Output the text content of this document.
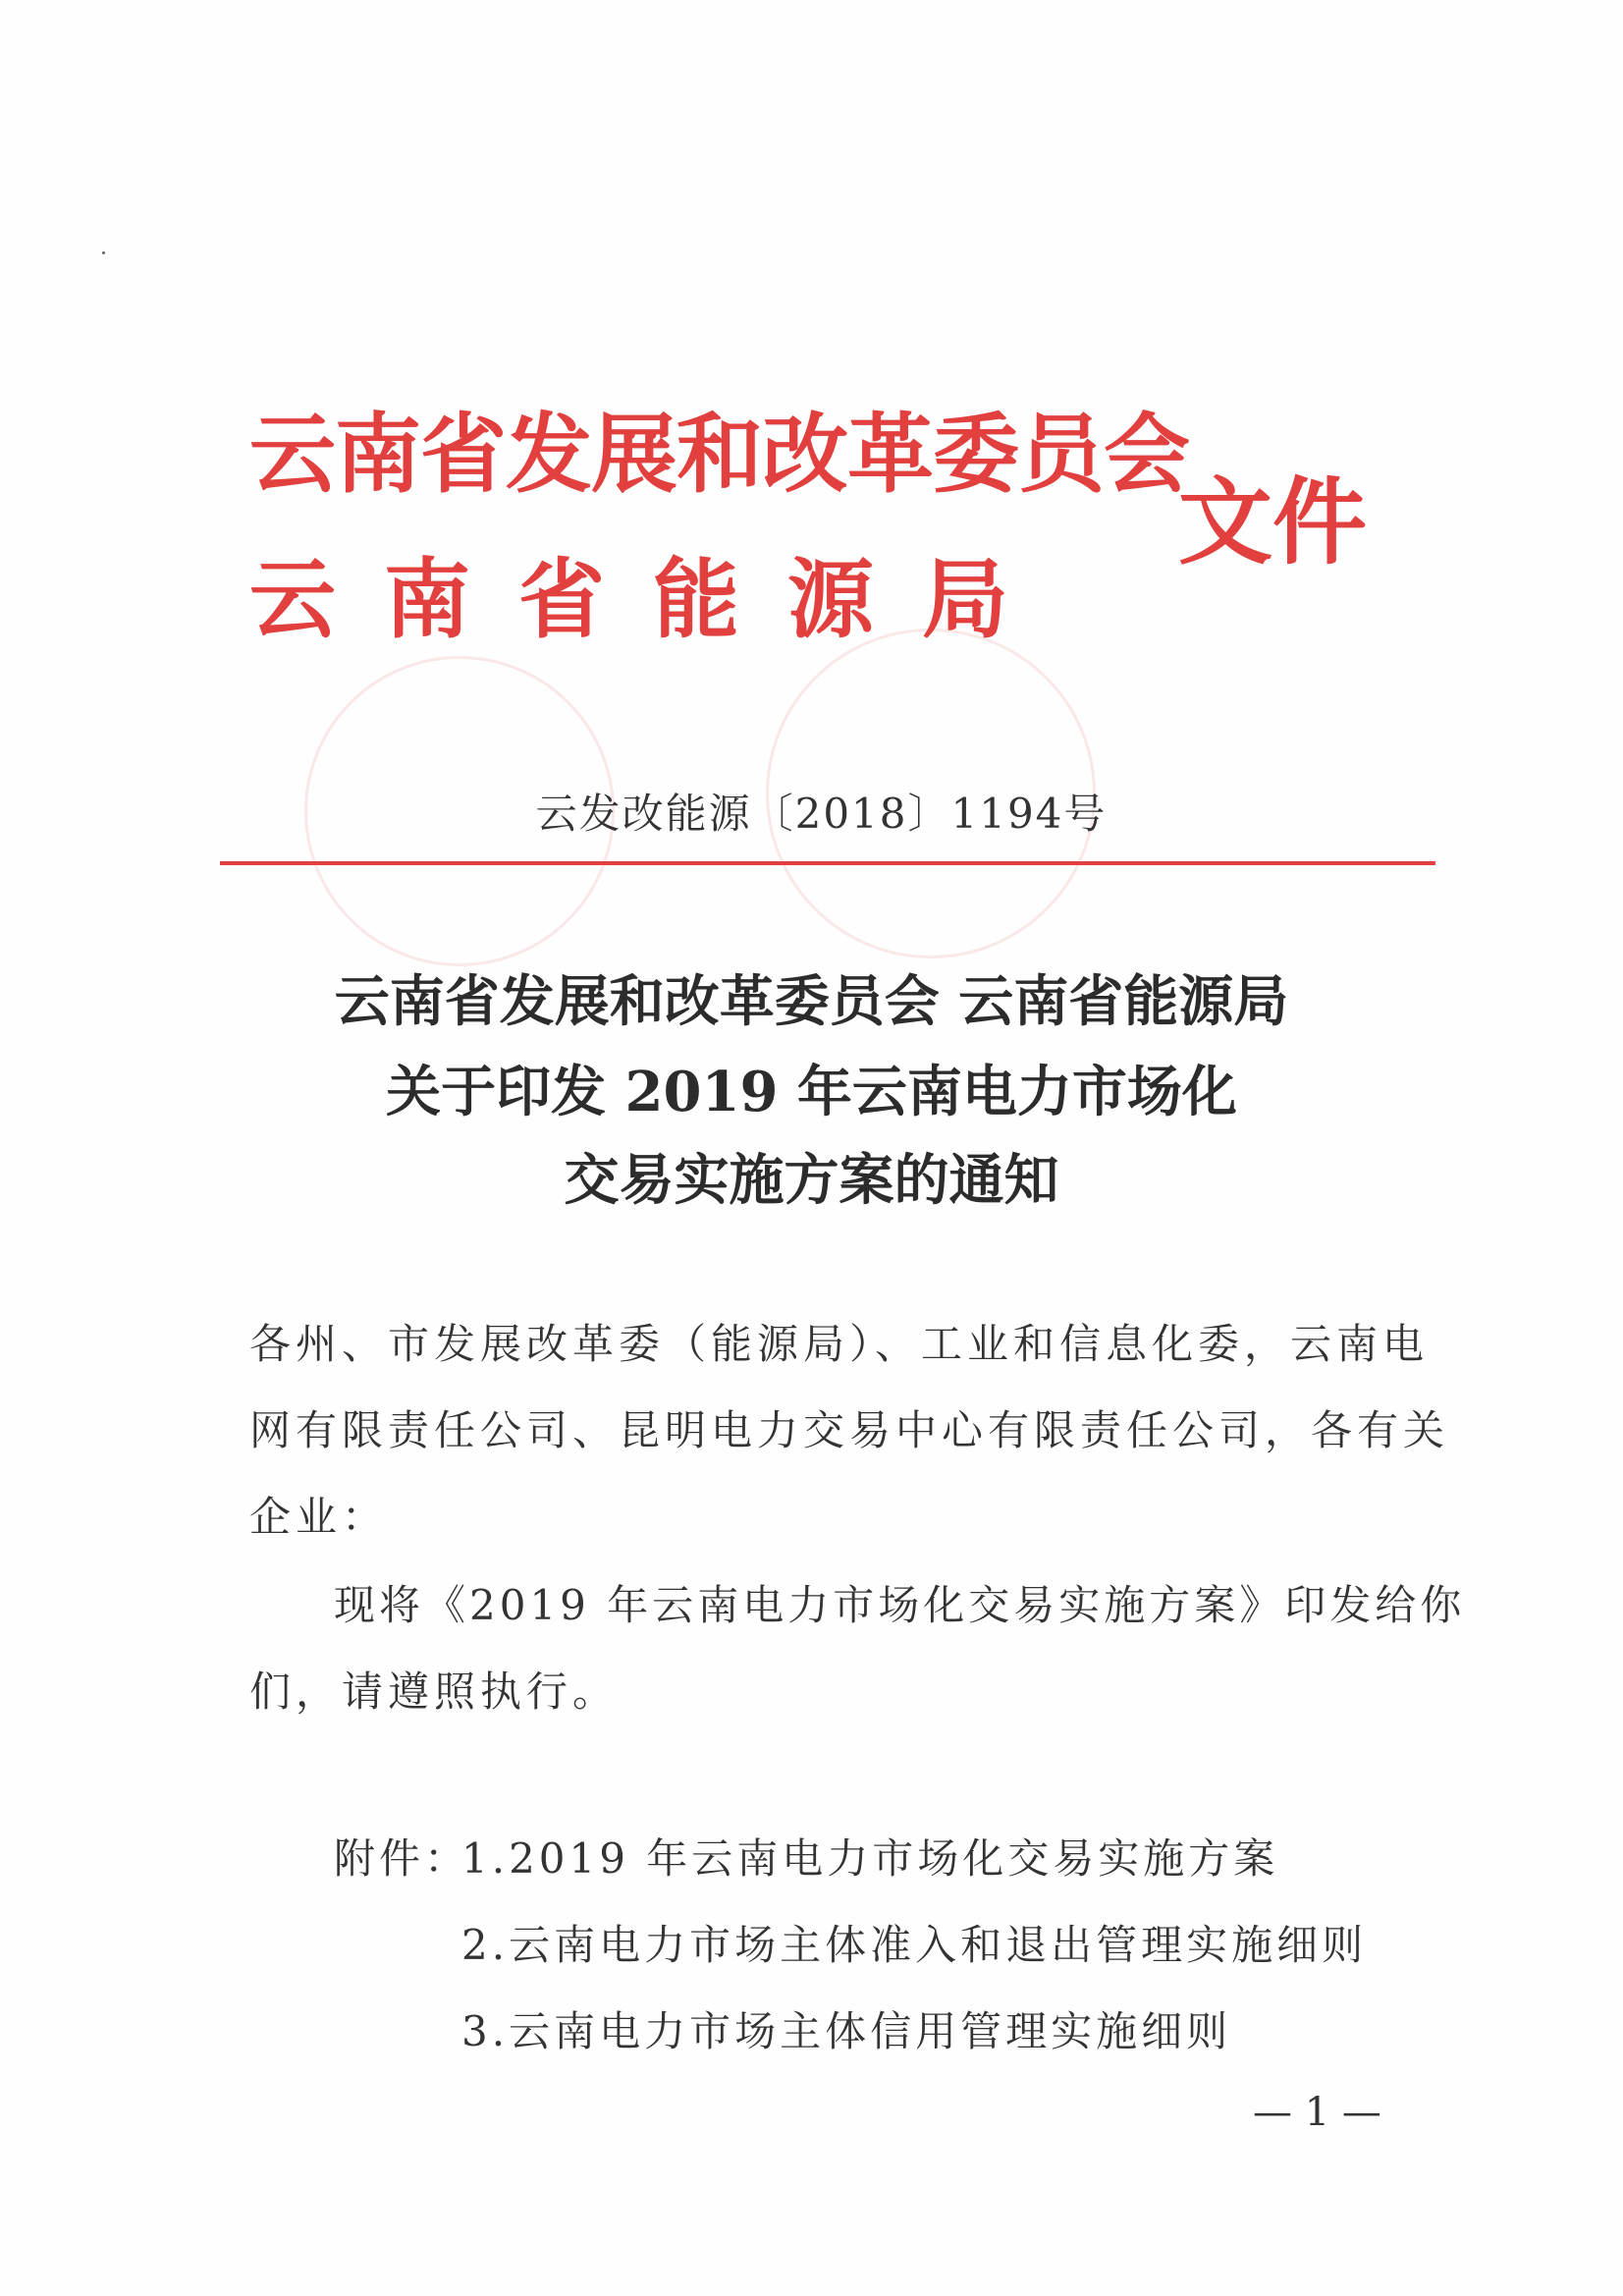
云南省发展和改革委员会
云南省能源局
文件
云发改能源〔2018〕1194号
云南省发展和改革委员会 云南省能源局
关于印发 2019 年云南电力市场化
交易实施方案的通知
各州、市发展改革委（能源局）、工业和信息化委，云南电
网有限责任公司、昆明电力交易中心有限责任公司，各有关
企业：
现将《2019 年云南电力市场化交易实施方案》印发给你
们，请遵照执行。
附件：
1.2019 年云南电力市场化交易实施方案
2.云南电力市场主体准入和退出管理实施细则
3.云南电力市场主体信用管理实施细则
— 1 —
